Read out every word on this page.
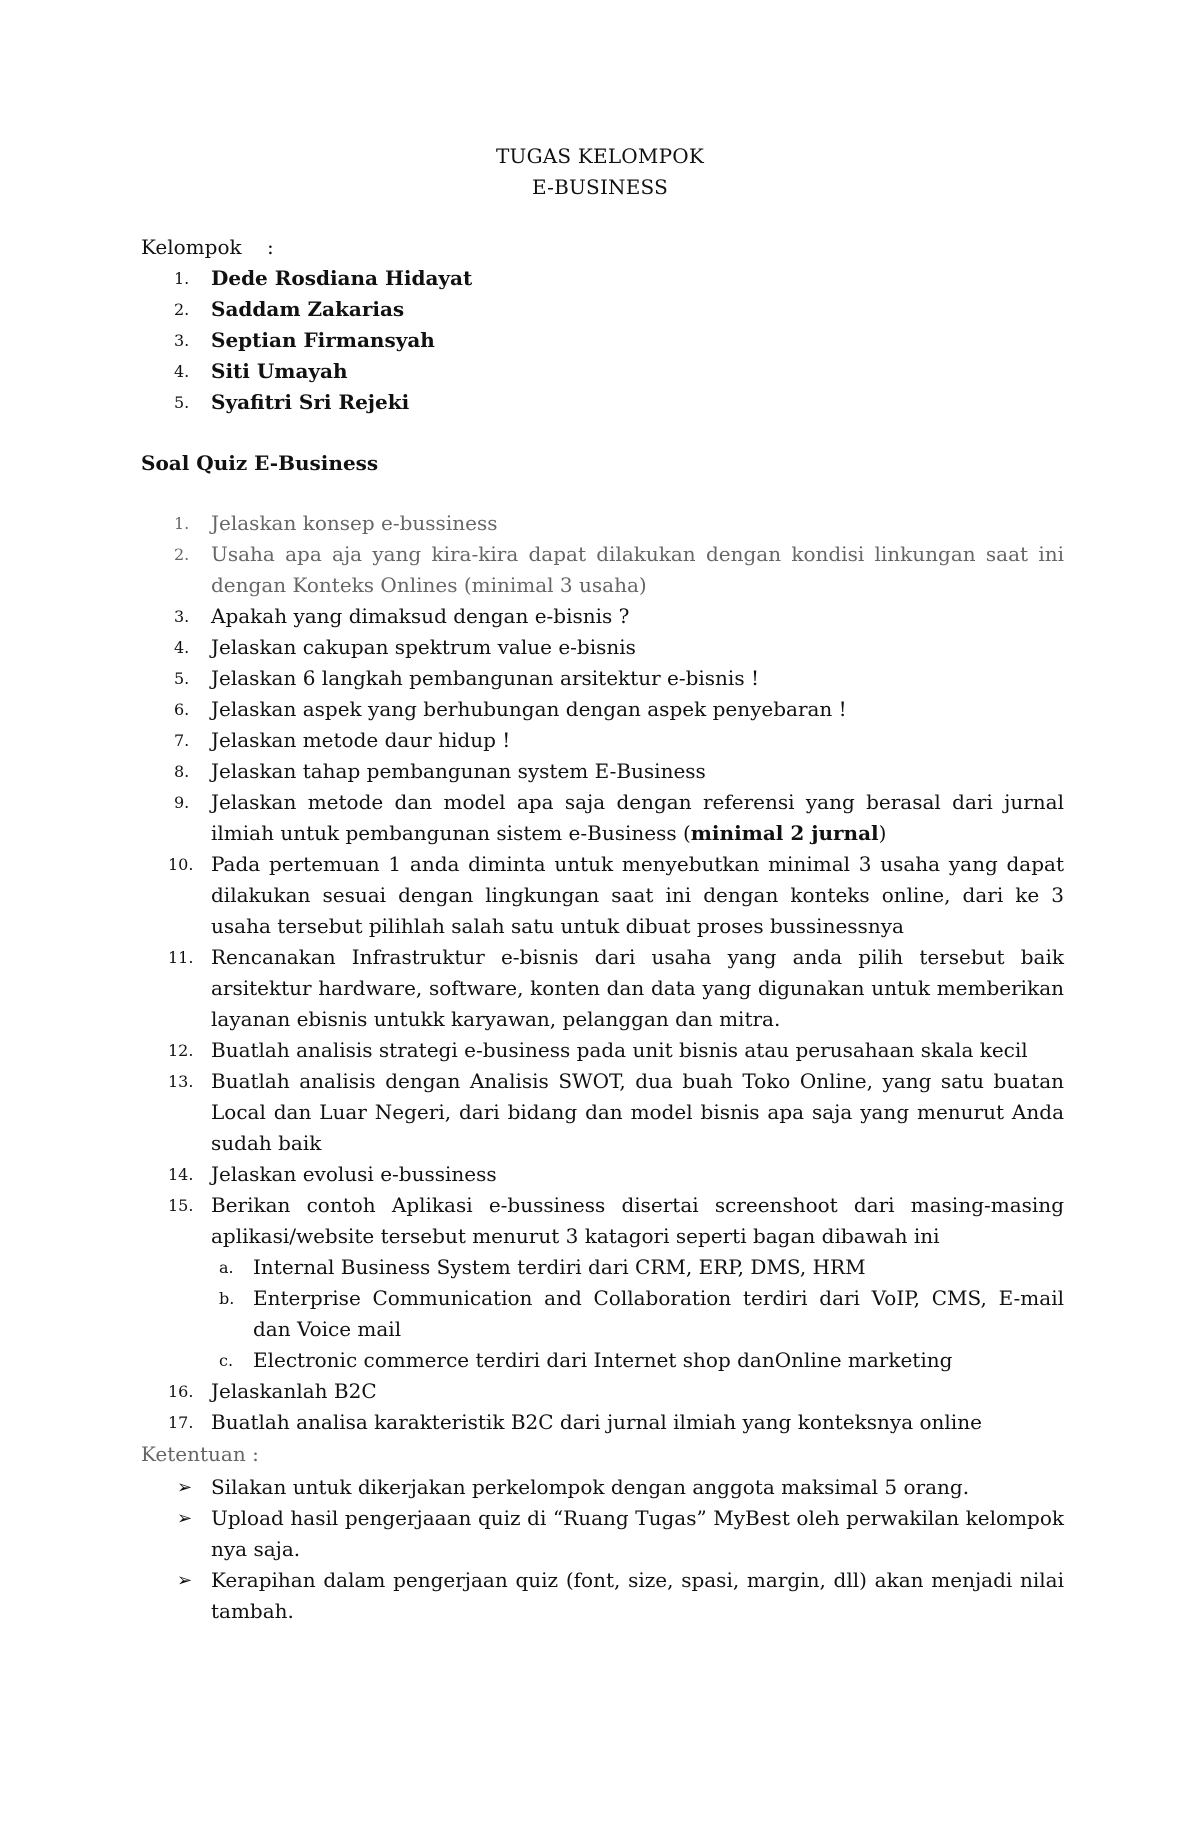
TUGAS KELOMPOK
E-BUSINESS
Kelompok :
1. Dede Rosdiana Hidayat
2. Saddam Zakarias
3. Septian Firmansyah
4. Siti Umayah
5. Syafitri Sri Rejeki
Soal Quiz E-Business
1. Jelaskan konsep e-bussiness
2. Usaha apa aja yang kira-kira dapat dilakukan dengan kondisi linkungan saat ini dengan Konteks Onlines (minimal 3 usaha)
3. Apakah yang dimaksud dengan e-bisnis ?
4. Jelaskan cakupan spektrum value e-bisnis
5. Jelaskan 6 langkah pembangunan arsitektur e-bisnis !
6. Jelaskan aspek yang berhubungan dengan aspek penyebaran !
7. Jelaskan metode daur hidup !
8. Jelaskan tahap pembangunan system E-Business
9. Jelaskan metode dan model apa saja dengan referensi yang berasal dari jurnal ilmiah untuk pembangunan sistem e-Business (minimal 2 jurnal)
10. Pada pertemuan 1 anda diminta untuk menyebutkan minimal 3 usaha yang dapat dilakukan sesuai dengan lingkungan saat ini dengan konteks online, dari ke 3 usaha tersebut pilihlah salah satu untuk dibuat proses bussinessnya
11. Rencanakan Infrastruktur e-bisnis dari usaha yang anda pilih tersebut baik arsitektur hardware, software, konten dan data yang digunakan untuk memberikan layanan ebisnis untukk karyawan, pelanggan dan mitra.
12. Buatlah analisis strategi e-business pada unit bisnis atau perusahaan skala kecil
13. Buatlah analisis dengan Analisis SWOT, dua buah Toko Online, yang satu buatan Local dan Luar Negeri, dari bidang dan model bisnis apa saja yang menurut Anda sudah baik
14. Jelaskan evolusi e-bussiness
15. Berikan contoh Aplikasi e-bussiness disertai screenshoot dari masing-masing aplikasi/website tersebut menurut 3 katagori seperti bagan dibawah ini
a. Internal Business System terdiri dari CRM, ERP, DMS, HRM
b. Enterprise Communication and Collaboration terdiri dari VoIP, CMS, E-mail dan Voice mail
c. Electronic commerce terdiri dari Internet shop danOnline marketing
16. Jelaskanlah B2C
17. Buatlah analisa karakteristik B2C dari jurnal ilmiah yang konteksnya online
Ketentuan :
➢ Silakan untuk dikerjakan perkelompok dengan anggota maksimal 5 orang.
➢ Upload hasil pengerjaaan quiz di “Ruang Tugas” MyBest oleh perwakilan kelompok nya saja.
➢ Kerapihan dalam pengerjaan quiz (font, size, spasi, margin, dll) akan menjadi nilai tambah.
